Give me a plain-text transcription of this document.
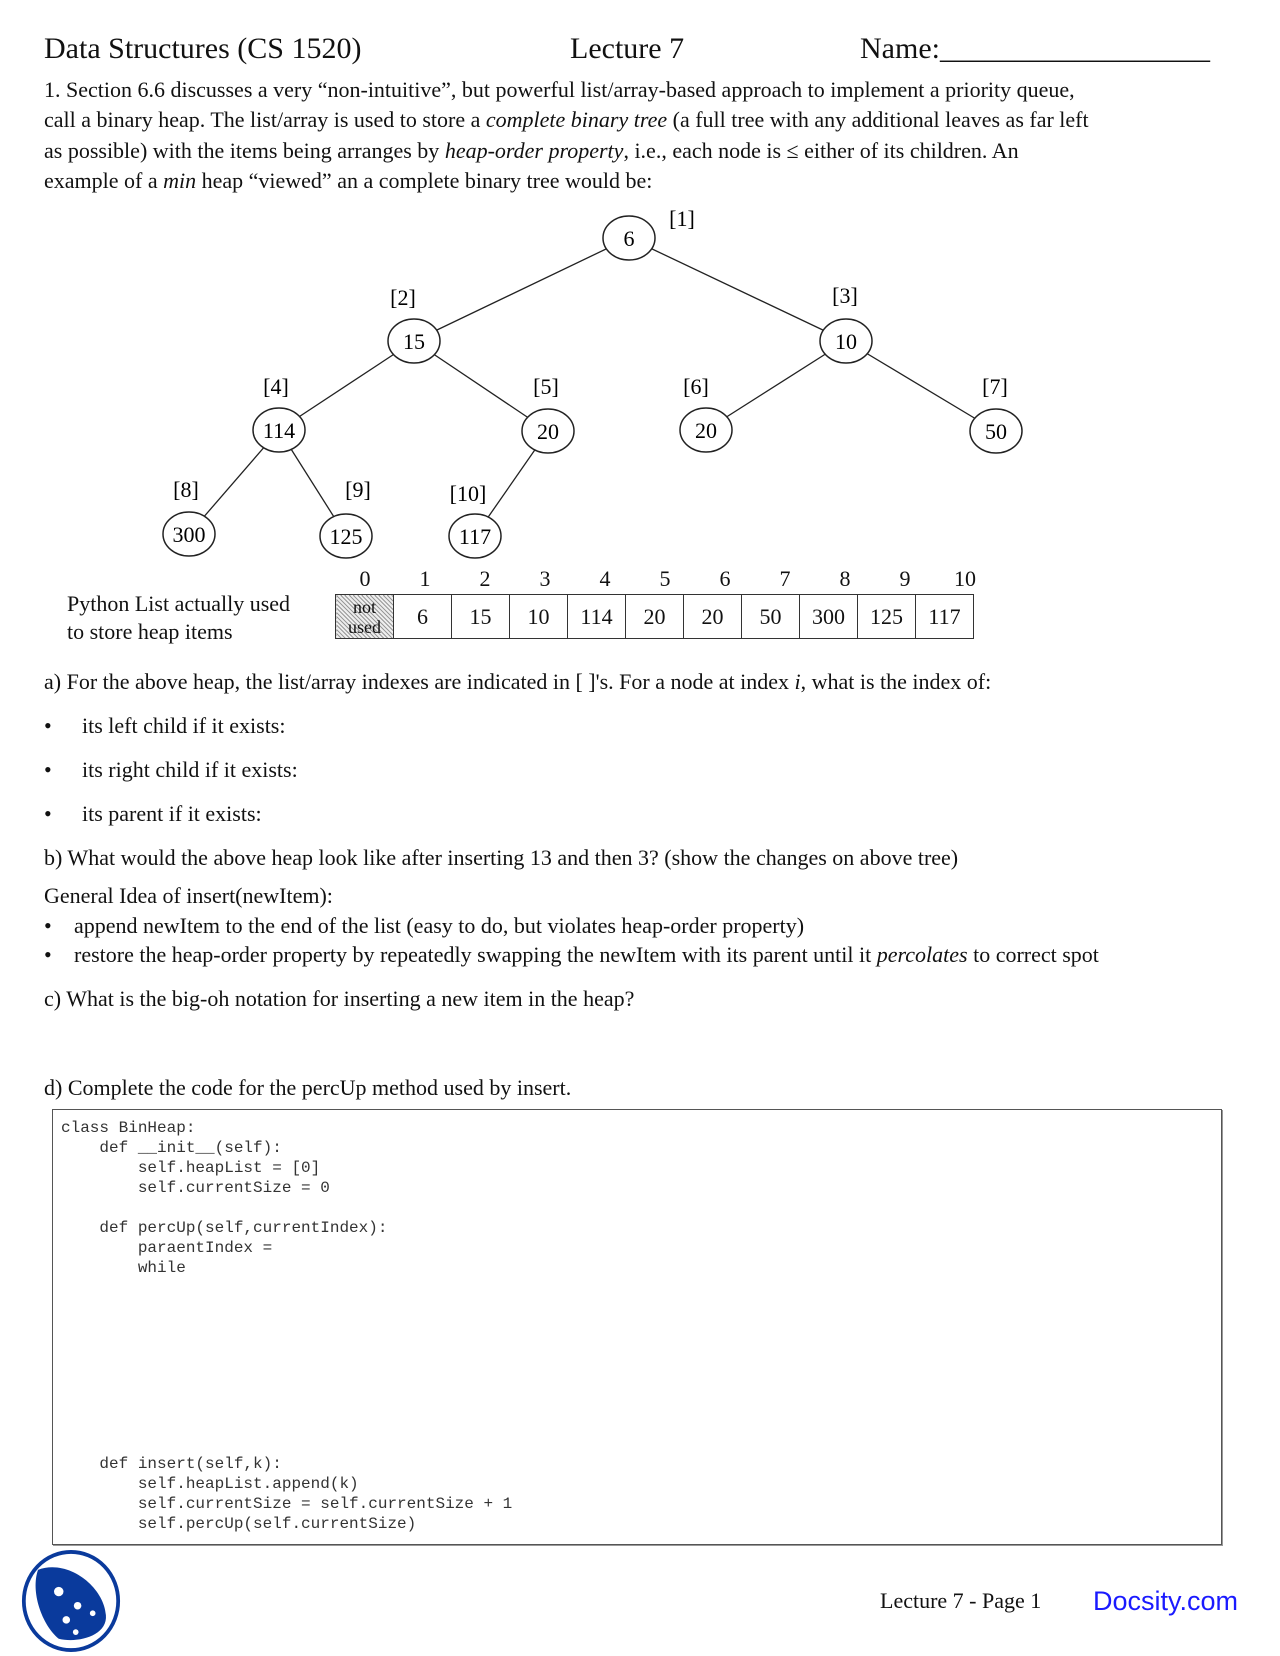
Data Structures (CS 1520)	Lecture 7	Name:__________________
1. Section 6.6 discusses a very “non-intuitive”, but powerful list/array-based approach to implement a priority queue,
call a binary heap. The list/array is used to store a complete binary tree (a full tree with any additional leaves as far left
as possible) with the items being arranges by heap-order property, i.e., each node is ≤ either of its children. An
example of a min heap “viewed” an a complete binary tree would be:
6
[1]
15
[2]
10
[3]
114
[4]
20
[5]
20
[6]
50
[7]
300
[8]
125
[9]
117
[10]
Python List actually used
to store heap items
0	1	2	3	4	5	6	7	8	9	10
not
used	6	15	10	114	20	20	50	300	125	117
a) For the above heap, the list/array indexes are indicated in [ ]'s. For a node at index i, what is the index of:
• its left child if it exists:
• its right child if it exists:
• its parent if it exists:
b) What would the above heap look like after inserting 13 and then 3? (show the changes on above tree)
General Idea of insert(newItem):
• append newItem to the end of the list (easy to do, but violates heap-order property)
• restore the heap-order property by repeatedly swapping the newItem with its parent until it percolates to correct spot
c) What is the big-oh notation for inserting a new item in the heap?
d) Complete the code for the percUp method used by insert.
class BinHeap:
def __init__(self):
self.heapList = [0]
self.currentSize = 0

def percUp(self,currentIndex):
paraentIndex =
while
def insert(self,k):
self.heapList.append(k)
self.currentSize = self.currentSize + 1
self.percUp(self.currentSize)
Lecture 7 - Page 1 Docsity.com
